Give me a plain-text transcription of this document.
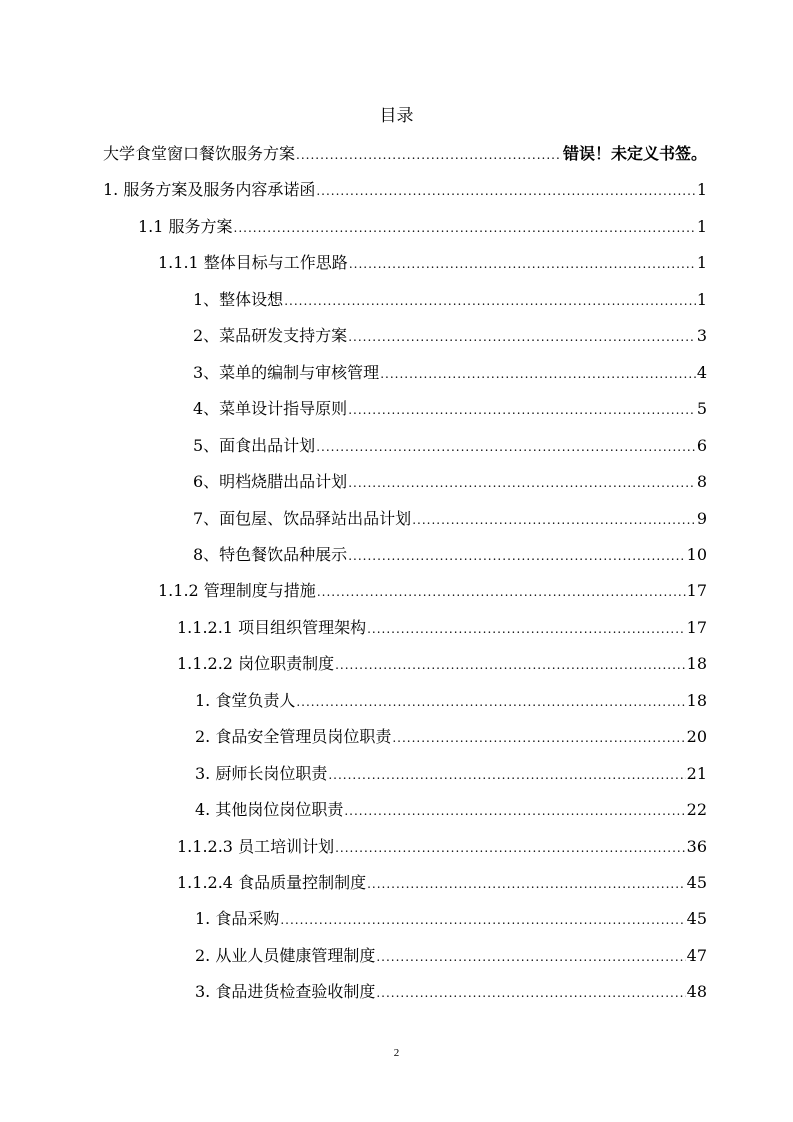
目录
大学食堂窗口餐饮服务方案 .....	错误！未定义书签。
1. 服务方案及服务内容承诺函 .....	1
1.1 服务方案 .....	1
1.1.1 整体目标与工作思路 .....	1
1、整体设想 .....	1
2、菜品研发支持方案 .....	3
3、菜单的编制与审核管理 .....	4
4、菜单设计指导原则 .....	5
5、面食出品计划 .....	6
6、明档烧腊出品计划 .....	8
7、面包屋、饮品驿站出品计划 .....	9
8、特色餐饮品种展示 .....	10
1.1.2 管理制度与措施 .....	17
1.1.2.1 项目组织管理架构 .....	17
1.1.2.2 岗位职责制度 .....	18
1. 食堂负责人 .....	18
2. 食品安全管理员岗位职责 .....	20
3. 厨师长岗位职责 .....	21
4. 其他岗位岗位职责 .....	22
1.1.2.3 员工培训计划 .....	36
1.1.2.4 食品质量控制制度 .....	45
1. 食品采购 .....	45
2. 从业人员健康管理制度 .....	47
3. 食品进货检查验收制度 .....	48
2
